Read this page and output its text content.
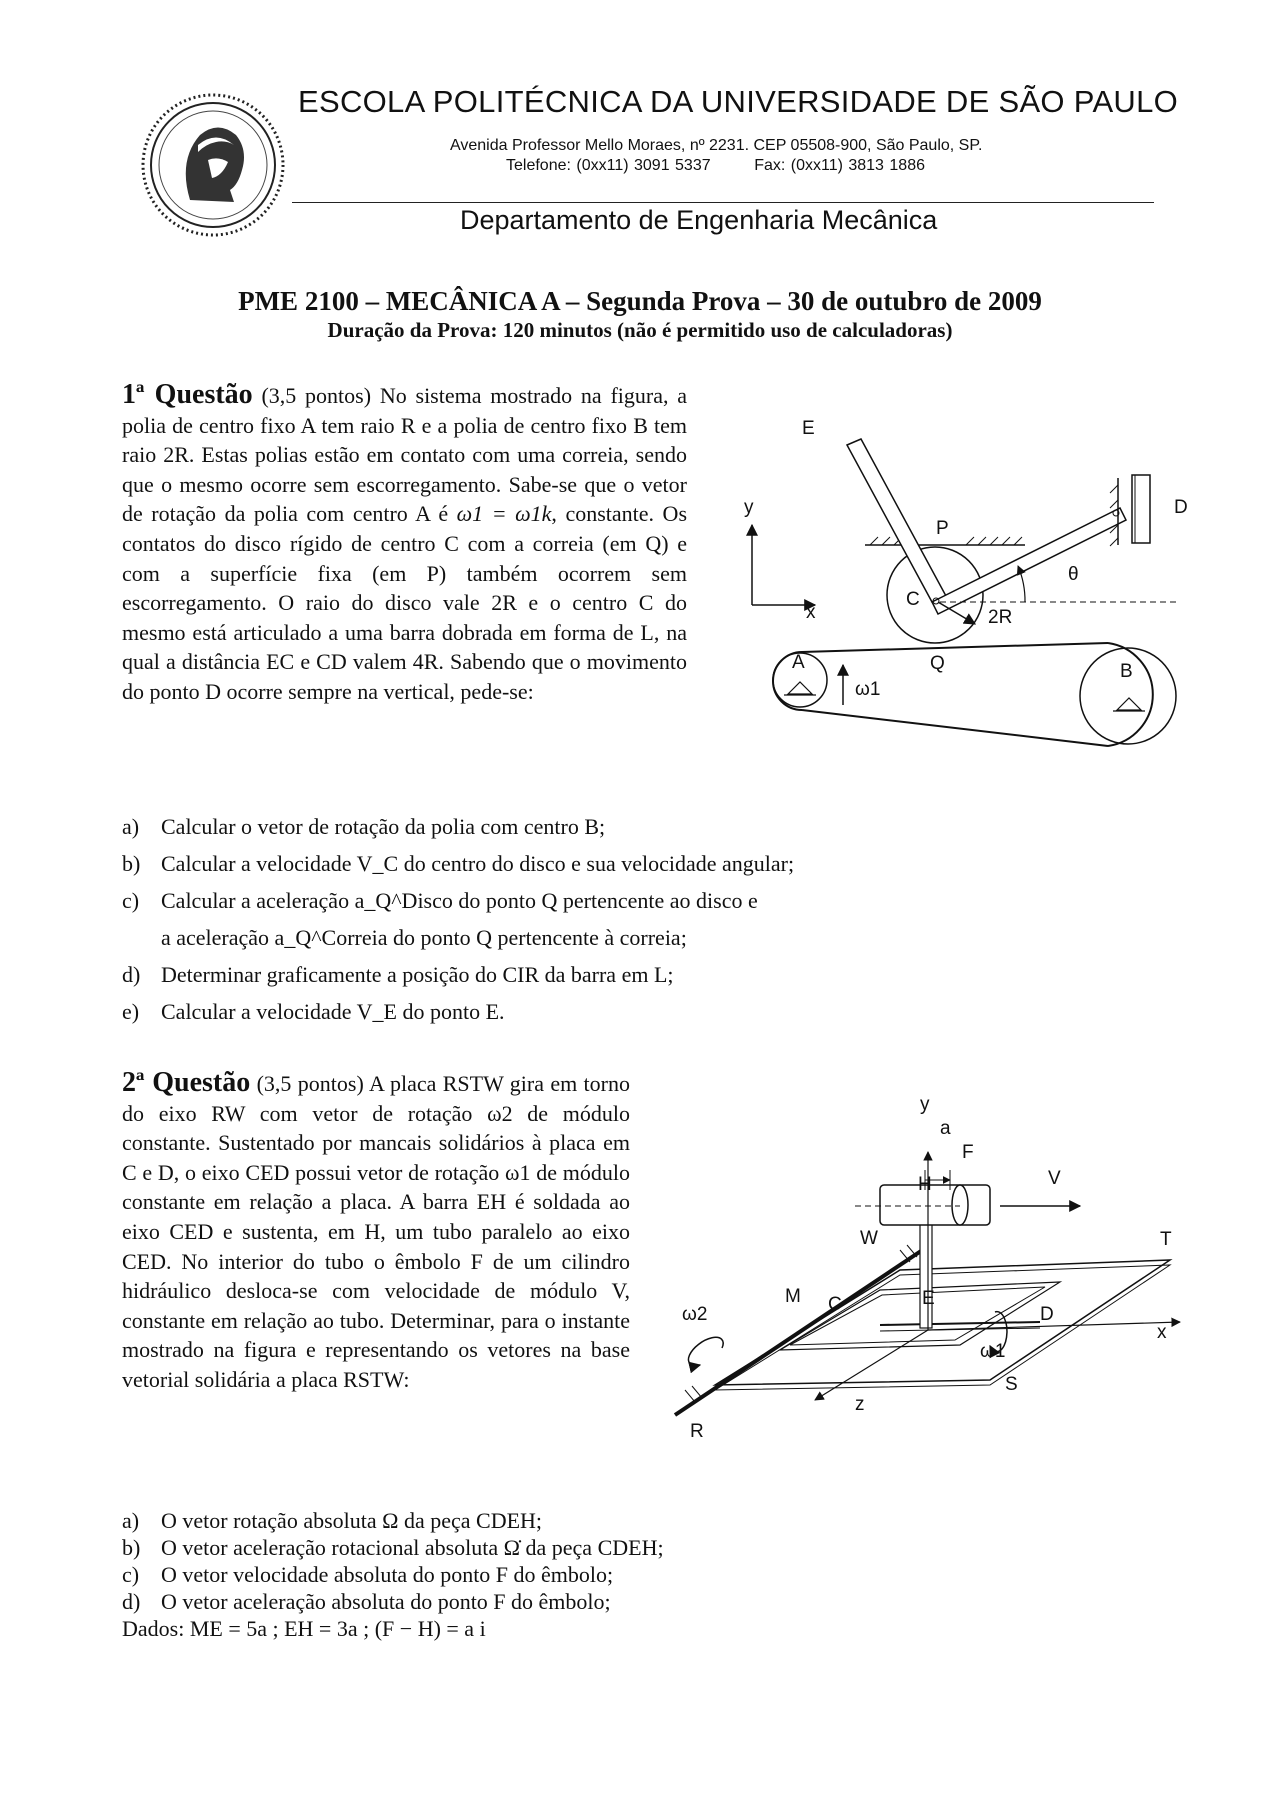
ESCOLA POLITÉCNICA DA UNIVERSIDADE DE SÃO PAULO
Avenida Professor Mello Moraes, nº 2231. CEP 05508-900, São Paulo, SP.
Telefone: (0xx11) 3091 5337        Fax: (0xx11) 3813 1886
Departamento de Engenharia Mecânica
PME 2100 – MECÂNICA A – Segunda Prova – 30 de outubro de 2009
Duração da Prova: 120 minutos (não é permitido uso de calculadoras)
1ª Questão (3,5 pontos) No sistema mostrado na figura, a polia de centro fixo A tem raio R e a polia de centro fixo B tem raio 2R. Estas polias estão em contato com uma correia, sendo que o mesmo ocorre sem escorregamento. Sabe-se que o vetor de rotação da polia com centro A é ω1 = ω1k, constante. Os contatos do disco rígido de centro C com a correia (em Q) e com a superfície fixa (em P) também ocorrem sem escorregamento. O raio do disco vale 2R e o centro C do mesmo está articulado a uma barra dobrada em forma de L, na qual a distância EC e CD valem 4R. Sabendo que o movimento do ponto D ocorre sempre na vertical, pede-se:
E
D
y
x
P
C
θ
2R
A	Q	B
ω1
a) Calcular o vetor de rotação da polia com centro B;
b) Calcular a velocidade V_C do centro do disco e sua velocidade angular;
c) Calcular a aceleração a_Q^Disco do ponto Q pertencente ao disco e
a aceleração a_Q^Correia do ponto Q pertencente à correia;
d) Determinar graficamente a posição do CIR da barra em L;
e) Calcular a velocidade V_E do ponto E.
2ª Questão (3,5 pontos) A placa RSTW gira em torno do eixo RW com vetor de rotação ω2 de módulo constante. Sustentado por mancais solidários à placa em C e D, o eixo CED possui vetor de rotação ω1 de módulo constante em relação a placa. A barra EH é soldada ao eixo CED e sustenta, em H, um tubo paralelo ao eixo CED. No interior do tubo o êmbolo F de um cilindro hidráulico desloca-se com velocidade de módulo V, constante em relação ao tubo. Determinar, para o instante mostrado na figura e representando os vetores na base vetorial solidária a placa RSTW:
y
a
F
H	V
W	T
M C	E
D
x
ω2
ω1
S
z
R
a) O vetor rotação absoluta Ω da peça CDEH;
b) O vetor aceleração rotacional absoluta Ω̇ da peça CDEH;
c) O vetor velocidade absoluta do ponto F do êmbolo;
d) O vetor aceleração absoluta do ponto F do êmbolo;
Dados: ME = 5a ; EH = 3a ; (F − H) = a i
